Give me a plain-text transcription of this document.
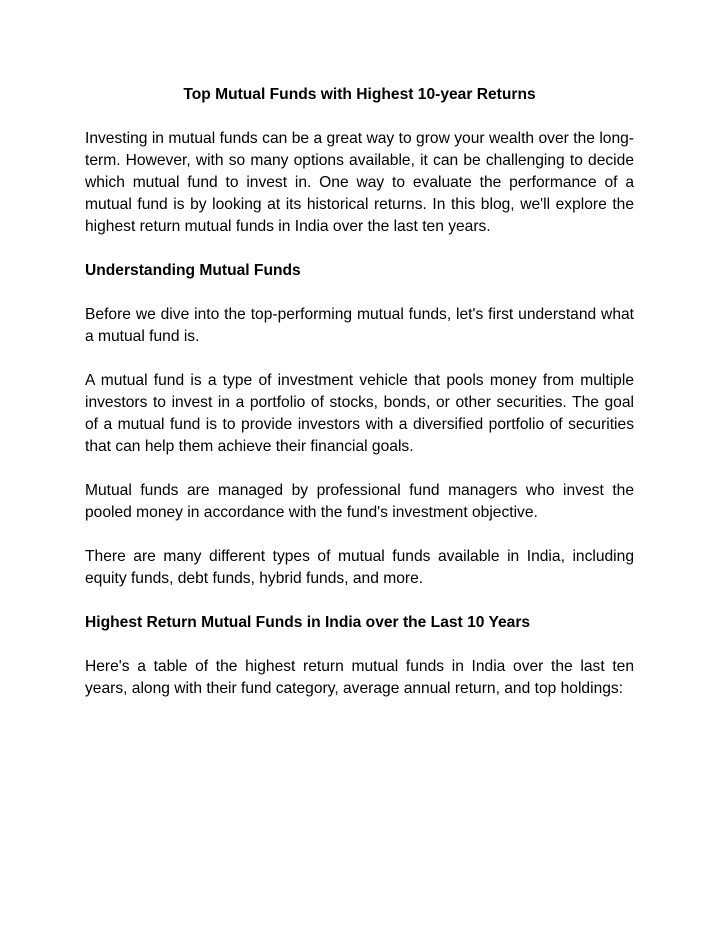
Top Mutual Funds with Highest 10-year Returns

Investing in mutual funds can be a great way to grow your wealth over the long-term. However, with so many options available, it can be challenging to decide which mutual fund to invest in. One way to evaluate the performance of a mutual fund is by looking at its historical returns. In this blog, we'll explore the highest return mutual funds in India over the last ten years.

Understanding Mutual Funds

Before we dive into the top-performing mutual funds, let's first understand what a mutual fund is.

A mutual fund is a type of investment vehicle that pools money from multiple investors to invest in a portfolio of stocks, bonds, or other securities. The goal of a mutual fund is to provide investors with a diversified portfolio of securities that can help them achieve their financial goals.

Mutual funds are managed by professional fund managers who invest the pooled money in accordance with the fund's investment objective.

There are many different types of mutual funds available in India, including equity funds, debt funds, hybrid funds, and more.

Highest Return Mutual Funds in India over the Last 10 Years

Here's a table of the highest return mutual funds in India over the last ten years, along with their fund category, average annual return, and top holdings:
